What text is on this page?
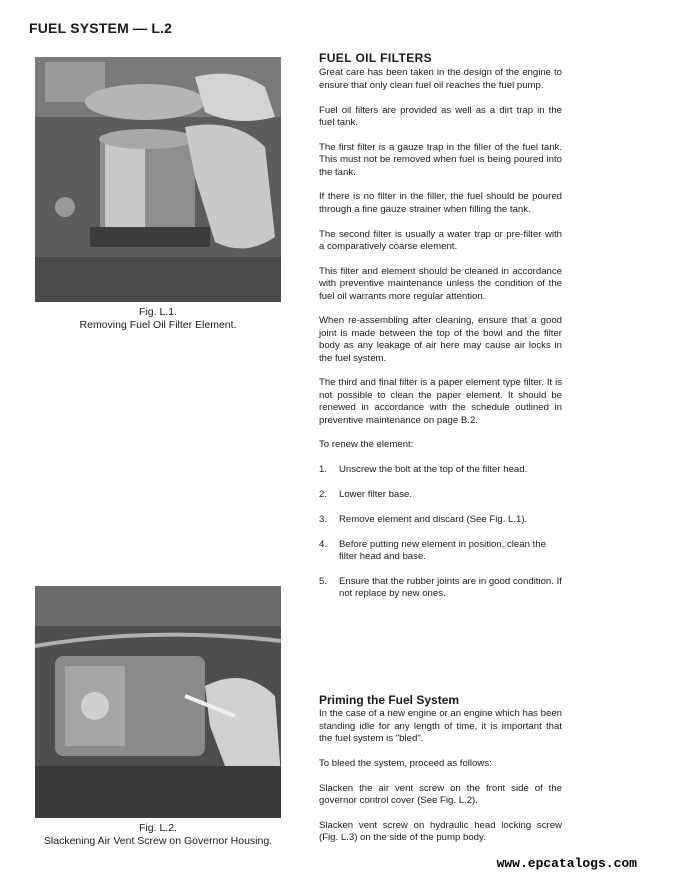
FUEL SYSTEM — L.2
Fig. L.1.
Removing Fuel Oil Filter Element.
Fig. L.2.
Slackening Air Vent Screw on Governor Housing.
FUEL OIL FILTERS

Great care has been taken in the design of the engine to ensure that only clean fuel oil reaches the fuel pump.

Fuel oil filters are provided as well as a dirt trap in the fuel tank.

The first filter is a gauze trap in the filler of the fuel tank. This must not be removed when fuel is being poured into the tank.

If there is no filter in the filler, the fuel should be poured through a fine gauze strainer when filling the tank.

The second filter is usually a water trap or pre-filter with a comparatively coarse element.

This filter and element should be cleaned in accordance with preventive maintenance unless the condition of the fuel oil warrants more regular attention.

When re-assembling after cleaning, ensure that a good joint is made between the top of the bowl and the filter body as any leakage of air here may cause air locks in the fuel system.

The third and final filter is a paper element type filter. It is not possible to clean the paper element. It should be renewed in accordance with the schedule outlined in preventive maintenance on page B.2.

To renew the element:

1.	Unscrew the bolt at the top of the filter head.
2.	Lower filter base.
3.	Remove element and discard (See Fig. L.1).
4.	Before putting new element in position, clean the filter head and base.
5.	Ensure that the rubber joints are in good condition. If not replace by new ones.
Priming the Fuel System

In the case of a new engine or an engine which has been standing idle for any length of time, it is important that the fuel system is "bled".

To bleed the system, proceed as follows:

Slacken the air vent screw on the front side of the governor control cover (See Fig. L.2).

Slacken vent screw on hydraulic head locking screw (Fig. L.3) on the side of the pump body.

www.epcatalogs.com
